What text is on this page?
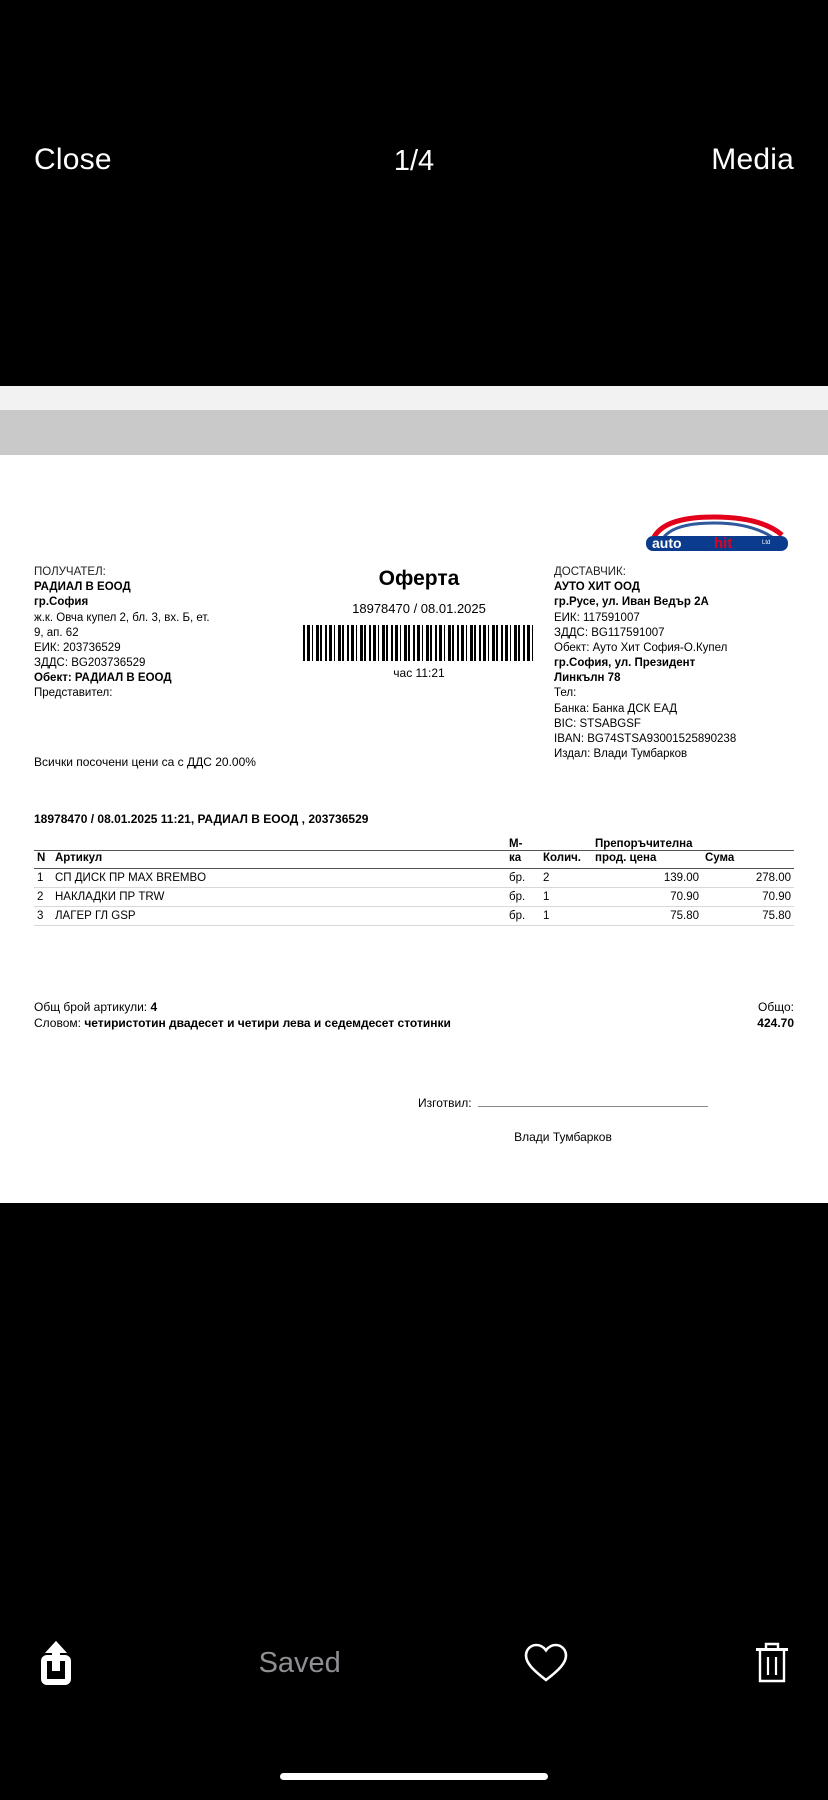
Close	1/4	Media
auto hit	Ltd
ПОЛУЧАТЕЛ:
РАДИАЛ В ЕООД
гр.София
ж.к. Овча купел 2, бл. 3, вх. Б, ет.
9, ап. 62
ЕИК: 203736529
ЗДДС: BG203736529
Обект: РАДИАЛ В ЕООД
Представител:
Оферта
18978470 / 08.01.2025
час 11:21
ДОСТАВЧИК:
АУТО ХИТ ООД
гр.Русе, ул. Иван Ведър 2А
ЕИК: 117591007
ЗДДС: BG117591007
Обект: Ауто Хит София-О.Купел
гр.София, ул. Президент
Линкълн 78
Тел:
Банка: Банка ДСК ЕАД
BIC: STSABGSF
IBAN: BG74STSA93001525890238
Издал: Влади Тумбарков
Всички посочени цени са с ДДС 20.00%
18978470 / 08.01.2025 11:21, РАДИАЛ В ЕООД , 203736529
		М-		Препоръчителна	
N	Артикул	ка	Колич.	прод. цена	Сума
1	СП ДИСК ПР MAX BREMBO	бр.	2	139.00	278.00
2	НАКЛАДКИ ПР TRW	бр.	1	70.90	70.90
3	ЛАГЕР ГЛ GSP	бр.	1	75.80	75.80
Общ брой артикули: 4	Общо:
Словом: четиристотин двадесет и четири лева и седемдесет стотинки	424.70
Изготвил:
Влади Тумбарков
Saved
